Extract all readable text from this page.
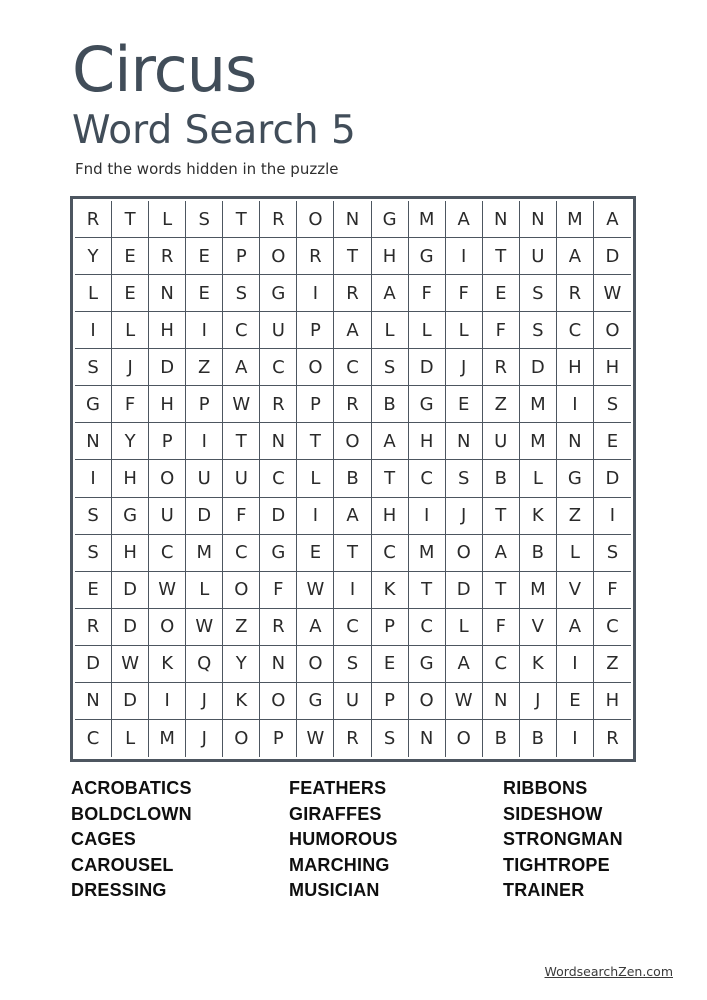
Circus
Word Search 5

Fnd the words hidden in the puzzle

R	T	L	S	T	R	O	N	G	M	A	N	N	M	A
Y	E	R	E	P	O	R	T	H	G	I	T	U	A	D
L	E	N	E	S	G	I	R	A	F	F	E	S	R	W
I	L	H	I	C	U	P	A	L	L	L	F	S	C	O
S	J	D	Z	A	C	O	C	S	D	J	R	D	H	H
G	F	H	P	W	R	P	R	B	G	E	Z	M	I	S
N	Y	P	I	T	N	T	O	A	H	N	U	M	N	E
I	H	O	U	U	C	L	B	T	C	S	B	L	G	D
S	G	U	D	F	D	I	A	H	I	J	T	K	Z	I
S	H	C	M	C	G	E	T	C	M	O	A	B	L	S
E	D	W	L	O	F	W	I	K	T	D	T	M	V	F
R	D	O	W	Z	R	A	C	P	C	L	F	V	A	C
D	W	K	Q	Y	N	O	S	E	G	A	C	K	I	Z
N	D	I	J	K	O	G	U	P	O	W	N	J	E	H
C	L	M	J	O	P	W	R	S	N	O	B	B	I	R
ACROBATICS
BOLDCLOWN
CAGES
CAROUSEL
DRESSING
FEATHERS
GIRAFFES
HUMOROUS
MARCHING
MUSICIAN
RIBBONS
SIDESHOW
STRONGMAN
TIGHTROPE
TRAINER
WordsearchZen.com
